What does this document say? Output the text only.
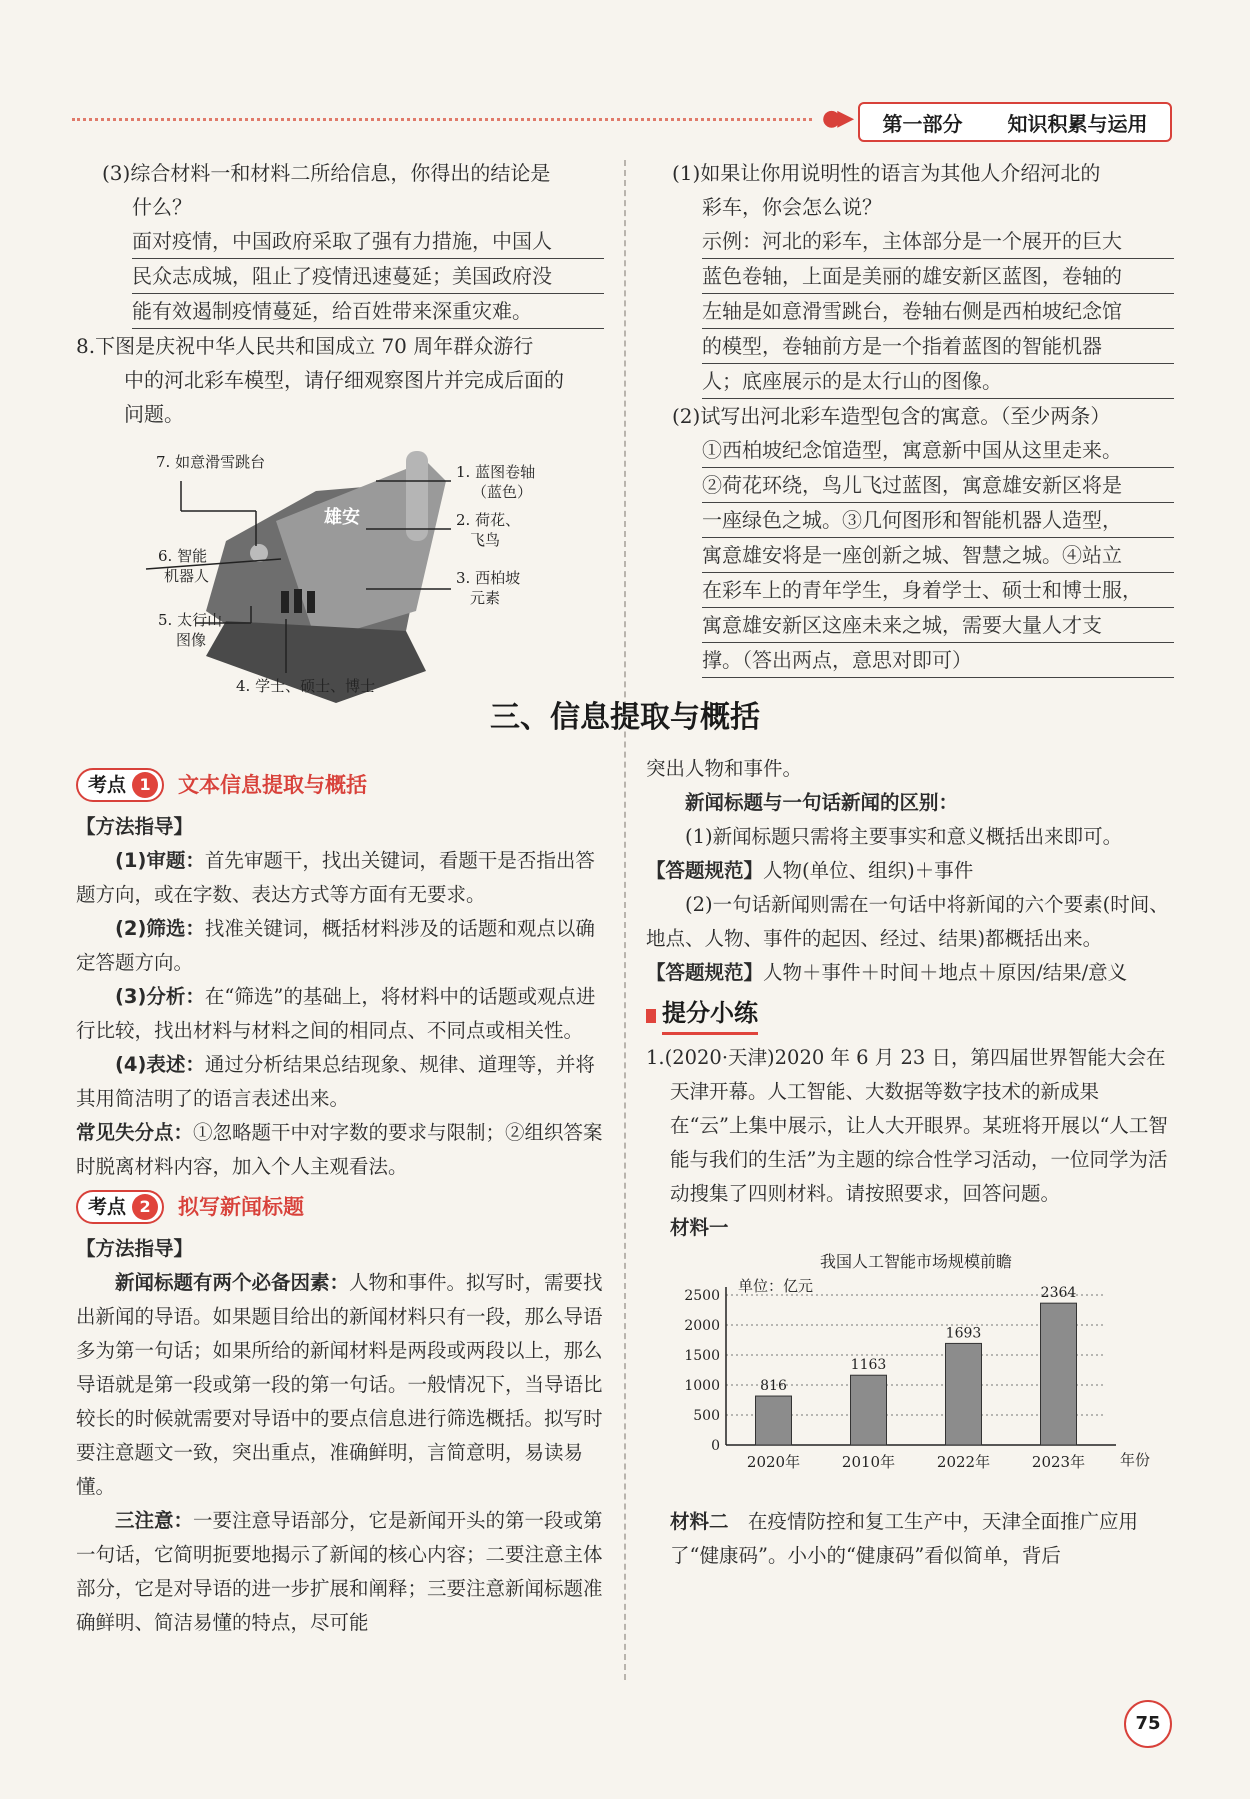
●▶ 第一部分 知识积累与运用

(3)综合材料一和材料二所给信息，你得出的结论是

什么？

面对疫情，中国政府采取了强有力措施，中国人
民众志成城，阻止了疫情迅速蔓延；美国政府没
能有效遏制疫情蔓延，给百姓带来深重灾难。

8.下图是庆祝中华人民共和国成立 70 周年群众游行

中的河北彩车模型，请仔细观察图片并完成后面的

问题。

7. 如意滑雪跳台
1. 蓝图卷轴
（蓝色）
2. 荷花、
飞鸟
6. 智能
机器人	3. 西柏坡
元素
5. 太行山
图像
4. 学士、硕士、博士
雄安

(1)如果让你用说明性的语言为其他人介绍河北的

彩车，你会怎么说？

示例：河北的彩车，主体部分是一个展开的巨大
蓝色卷轴，上面是美丽的雄安新区蓝图，卷轴的
左轴是如意滑雪跳台，卷轴右侧是西柏坡纪念馆
的模型，卷轴前方是一个指着蓝图的智能机器
人；底座展示的是太行山的图像。

(2)试写出河北彩车造型包含的寓意。（至少两条）

①西柏坡纪念馆造型，寓意新中国从这里走来。
②荷花环绕，鸟儿飞过蓝图，寓意雄安新区将是
一座绿色之城。③几何图形和智能机器人造型，
寓意雄安将是一座创新之城、智慧之城。④站立
在彩车上的青年学生，身着学士、硕士和博士服，
寓意雄安新区这座未来之城，需要大量人才支
撑。（答出两点，意思对即可）
三、信息提取与概括
考点 1	文本信息提取与概括

【方法指导】

(1)审题：首先审题干，找出关键词，看题干是否指出答题方向，或在字数、表达方式等方面有无要求。

(2)筛选：找准关键词，概括材料涉及的话题和观点以确定答题方向。

(3)分析：在“筛选”的基础上，将材料中的话题或观点进行比较，找出材料与材料之间的相同点、不同点或相关性。

(4)表述：通过分析结果总结现象、规律、道理等，并将其用简洁明了的语言表述出来。

常见失分点：①忽略题干中对字数的要求与限制；②组织答案时脱离材料内容，加入个人主观看法。

考点 2	拟写新闻标题

【方法指导】

新闻标题有两个必备因素：人物和事件。拟写时，需要找出新闻的导语。如果题目给出的新闻材料只有一段，那么导语多为第一句话；如果所给的新闻材料是两段或两段以上，那么导语就是第一段或第一段的第一句话。一般情况下，当导语比较长的时候就需要对导语中的要点信息进行筛选概括。拟写时要注意题文一致，突出重点，准确鲜明，言简意明，易读易懂。

三注意：一要注意导语部分，它是新闻开头的第一段或第一句话，它简明扼要地揭示了新闻的核心内容；二要注意主体部分，它是对导语的进一步扩展和阐释；三要注意新闻标题准确鲜明、简洁易懂的特点，尽可能

突出人物和事件。

新闻标题与一句话新闻的区别：

(1)新闻标题只需将主要事实和意义概括出来即可。

【答题规范】人物(单位、组织)＋事件

(2)一句话新闻则需在一句话中将新闻的六个要素(时间、地点、人物、事件的起因、经过、结果)都概括出来。

【答题规范】人物＋事件＋时间＋地点＋原因/结果/意义

提分小练

1.(2020·天津)2020 年 6 月 23 日，第四届世界智能大会在天津开幕。人工智能、大数据等数字技术的新成果在“云”上集中展示，让人大开眼界。某班将开展以“人工智能与我们的生活”为主题的综合性学习活动，一位同学为活动搜集了四则材料。请按照要求，回答问题。

材料一

我国人工智能市场规模前瞻
单位：亿元
0
500
1000
1500
2000
2500
816
2020年
1163
2010年
1693
2022年
2364
2023年 年份

材料二　在疫情防控和复工生产中，天津全面推广应用了“健康码”。小小的“健康码”看似简单，背后

75
